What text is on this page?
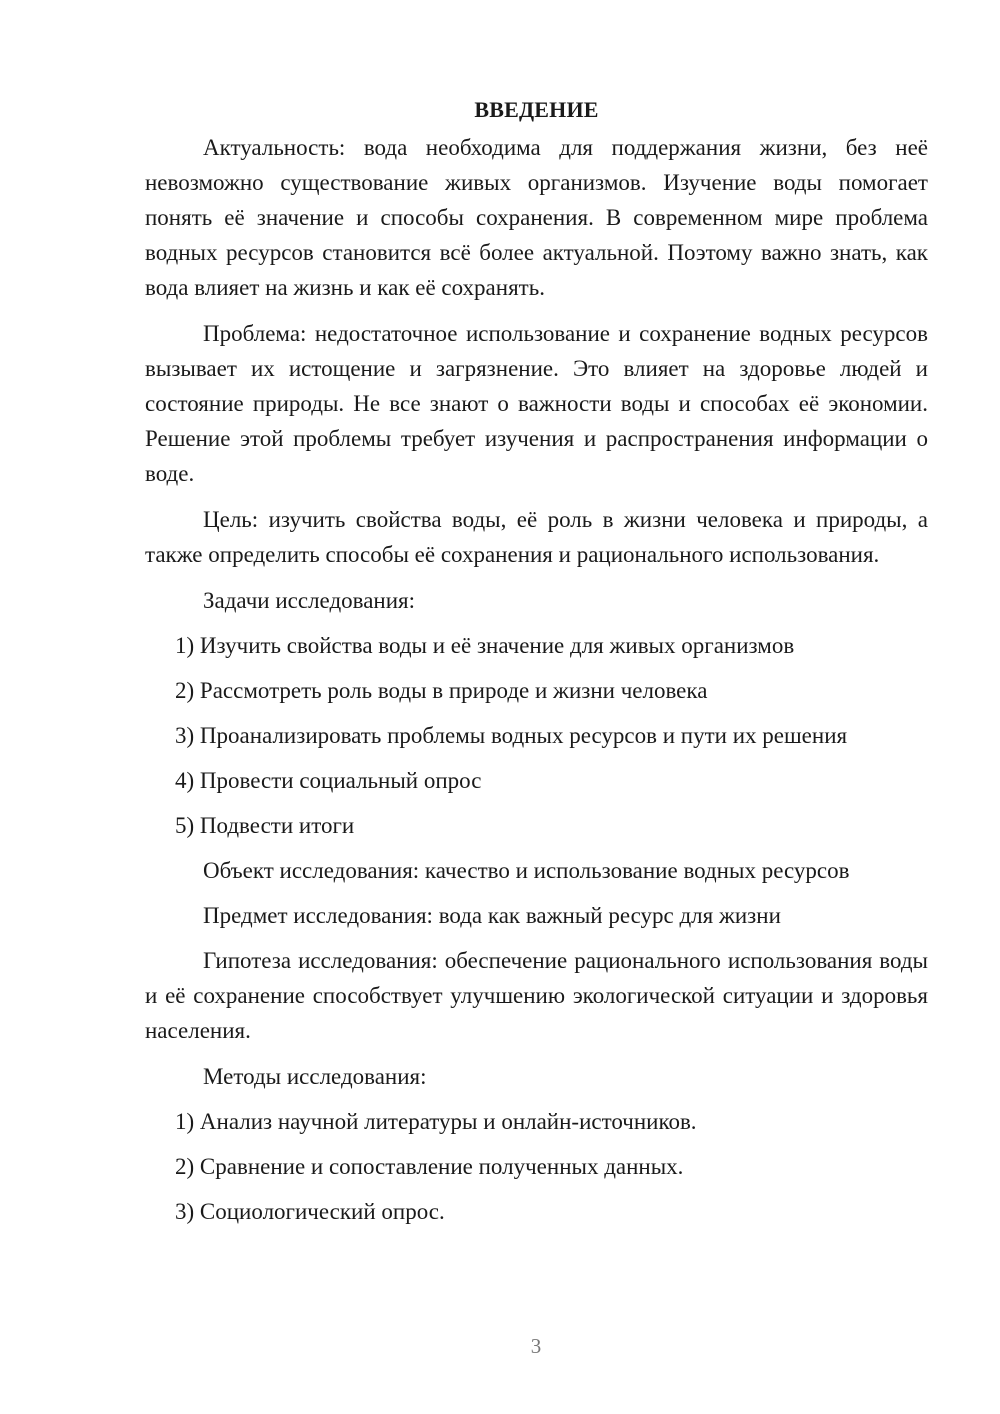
ВВЕДЕНИЕ

Актуальность: вода необходима для поддержания жизни, без неё невозможно существование живых организмов. Изучение воды помогает понять её значение и способы сохранения. В современном мире проблема водных ресурсов становится всё более актуальной. Поэтому важно знать, как вода влияет на жизнь и как её сохранять.

Проблема: недостаточное использование и сохранение водных ресурсов вызывает их истощение и загрязнение. Это влияет на здоровье людей и состояние природы. Не все знают о важности воды и способах её экономии. Решение этой проблемы требует изучения и распространения информации о воде.

Цель: изучить свойства воды, её роль в жизни человека и природы, а также определить способы её сохранения и рационального использования.

Задачи исследования:
1) Изучить свойства воды и её значение для живых организмов
2) Рассмотреть роль воды в природе и жизни человека
3) Проанализировать проблемы водных ресурсов и пути их решения
4) Провести социальный опрос
5) Подвести итоги
Объект исследования: качество и использование водных ресурсов
Предмет исследования: вода как важный ресурс для жизни

Гипотеза исследования: обеспечение рационального использования воды и её сохранение способствует улучшению экологической ситуации и здоровья населения.

Методы исследования:
1) Анализ научной литературы и онлайн-источников.
2) Сравнение и сопоставление полученных данных.
3) Социологический опрос.
3
